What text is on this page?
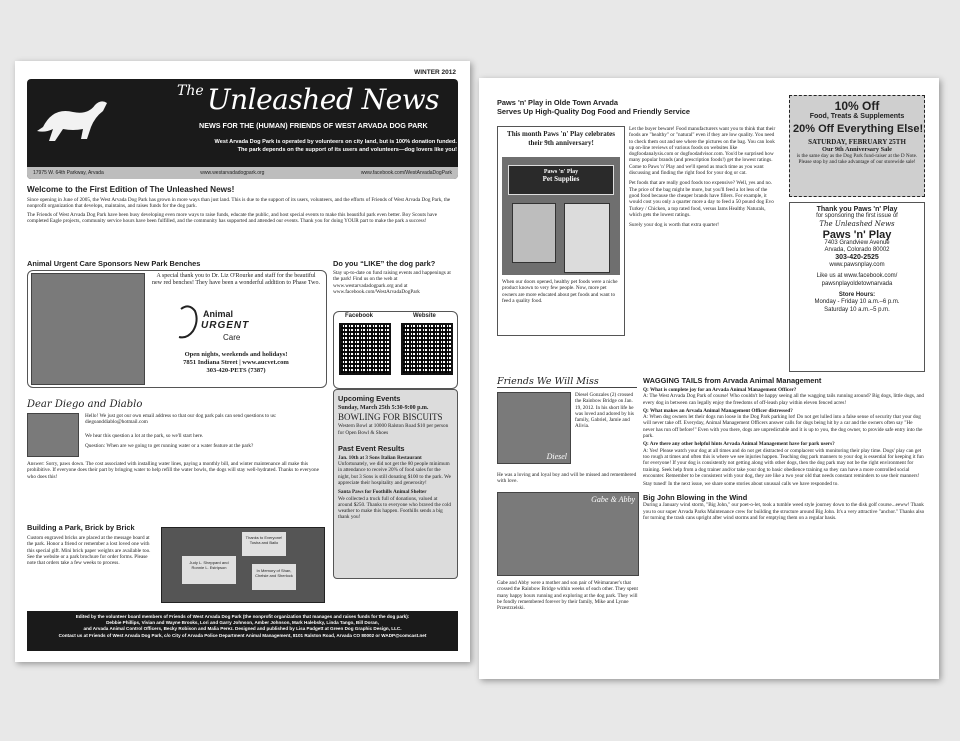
WINTER 2012
The Unleashed News
NEWS FOR THE (HUMAN) FRIENDS OF WEST ARVADA DOG PARK
West Arvada Dog Park is operated by volunteers on city land, but is 100% donation funded.
The park depends on the support of its users and volunteers—dog lovers like you!
17975 W. 64th Parkway, Arvada	www.westarvadadogpark.org	www.facebook.com/WestArvadaDogPark
Welcome to the First Edition of The Unleashed News!
Since opening in June of 2005, the West Arvada Dog Park has grown in more ways than just land. This is due to the support of its users, volunteers, and the efforts of Friends of West Arvada Dog Park, the nonprofit organization that develops, maintains, and raises funds for the dog park.
The Friends of West Arvada Dog Park have been busy developing even more ways to raise funds, educate the public, and host special events to make this beautiful park even better. Boy Scouts have completed Eagle projects, community service hours have been fulfilled, and the community has supported and attended our events. Thank you for doing YOUR part to make the park a success!
Animal Urgent Care Sponsors New Park Benches
A special thank you to Dr. Liz O'Rourke and staff for the beautiful new red benches! They have been a wonderful addition to Phase Two.
Animal
URGENT
Care
Open nights, weekends and holidays!
7851 Indiana Street | www.aucvet.com
303-420-PETS (7387)
Do you “LIKE” the dog park?
Stay up-to-date on fund raising events and happenings at the park! Find us on the web at www.westarvadadogpark.org and at www.facebook.com/WestArvadaDogPark
Facebook	Website
Dear Diego and Diablo
Hello! We just got our own email address so that our dog park pals can send questions to us: diegoanddiablo@hotmail.com
We hear this question a lot at the park, so we'll start here.
Question: When are we going to get running water or a water feature at the park?
Answer: Sorry, paws down. The cost associated with installing water lines, paying a monthly bill, and winter maintenance all make this prohibitive. If everyone does their part by bringing water to help refill the water bowls, the dogs will stay well-hydrated. Thanks to everyone who does this!
Upcoming Events
Sunday, March 25th 5:30-9:00 p.m.
BOWLING FOR BISCUITS
Western Bowl at 10000 Ralston Road $10 per person for Open Bowl & Shoes
Past Event Results
Jan. 10th at 3 Sons Italian Restaurant
Unfortunately, we did not get the 80 people minimum in attendance to receive 20% of food sales for the night, but 3 Sons is still donating $100 to the park. We appreciate their hospitality and generosity!
Santa Paws for Foothills Animal Shelter
We collected a truck full of donations, valued at around $250. Thanks to everyone who braved the cold weather to make this happen. Foothills sends a big thank you!
Building a Park, Brick by Brick
Custom engraved bricks are placed at the message board at the park. Honor a friend or remember a lost loved one with this special gift. Mini brick paper weights are available too. See the website or a park brochure for order forms. Please note that orders take a few weeks to process.
Thanks to Everyone! Tosha and Bailo
Judy L. Sheppard and Ronnie L. Estripson
In Memory of Shan, Chelsie and Sherlock
Edited by the volunteer board members of Friends of West Arvada Dog Park (the nonprofit organization that manages and raises funds for the dog park):
Debbie Phillips, Vivian and Wayne Brooks, Lori and Garry Johnson, Amber Johnson, Mark Halebsky, Linda Tango, Bill Doran,
and Arvada Animal Control Officers, Becky Robison and Malia Perez. Designed and published by Lisa Padgett at Green Dog Graphic Design, LLC.
Contact us at Friends of West Arvada Dog Park, c/o City of Arvada Police Department Animal Management, 8101 Ralston Road, Arvada CO 80002 or WADP@comcast.net
Paws 'n' Play in Olde Town Arvada
Serves Up High-Quality Dog Food and Friendly Service
This month Paws 'n' Play celebrates their 9th anniversary!
Paws 'n' Play
Pet Supplies
When our doors opened, healthy pet foods were a niche product known to very few people. Now, more pet owners are more educated about pet foods and want to feed a quality food.
Let the buyer beware! Food manufacturers want you to think that their foods are "healthy" or "natural" even if they are low quality. You need to check them out and see where the pictures on the bag. You can look up on-line reviews of various foods on websites like dogfoodanalysis.com or dogfoodadvisor.com. You'd be surprised how many popular brands (and prescription foods!) get the lowest ratings. Come to Paws 'n' Play and we'll spend as much time as you want discussing and finding the right food for your dog or cat.
Pet foods that are really good foods too expensive? Well, yes and no. The price of the bag might be more, but you'll feed a lot less of the good food because the cheaper brands have fillers. For example, it would cost you only a quarter more a day to feed a 50 pound dog Evo Turkey / Chicken, a top rated food, versus Iams Healthy Naturals, which gets the lowest ratings.
Surely your dog is worth that extra quarter!
10% Off
Food, Treats & Supplements
20% Off Everything Else!
SATURDAY, FEBRUARY 25TH
Our 9th Anniversary Sale
is the same day as the Dog Park fund-raiser at the D Note. Please stop by and take advantage of our storewide sale!
Thank you Paws 'n' Play
for sponsoring the first issue of
The Unleashed News
Paws 'n' Play
7403 Grandview Avenue
Arvada, Colorado 80002
303-420-2525
www.pawsnplay.com
Like us at www.facebook.com/
pawsnplayoldetownarvada
Store Hours:
Monday - Friday 10 a.m.–6 p.m.
Saturday 10 a.m.–5 p.m.
Friends We Will Miss
Diesel
Diesel Gonzales (2) crossed the Rainbow Bridge on Jan. 19, 2012. In his short life he was loved and adored by his family, Gabriel, Jamie and Alivia.
He was a loving and loyal boy and will be missed and remembered with love.
Gabe & Abby
Gabe and Abby were a mother and son pair of Weimaraner's that crossed the Rainbow Bridge within weeks of each other. They spent many happy hours running and exploring at the dog park. They will be fondly remembered forever by their family, Mike and Lynne Przestrzelski.
WAGGING TAILS from Arvada Animal Management
Q: What is complete joy for an Arvada Animal Management Officer?
A: The West Arvada Dog Park of course! Who couldn't be happy seeing all the wagging tails running around? Big dogs, little dogs, and every dog in between can legally enjoy the freedoms of off-leash play within eleven fenced acres!
Q: What makes an Arvada Animal Management Officer distressed?
A: When dog owners let their dogs run loose in the Dog Park parking lot! Do not get lulled into a false sense of security that your dog will never take off. Everyday, Animal Management Officers answer calls for dogs being hit by a car and the owners often say "He never has run off before!" Even with you there, dogs are unpredictable and it is up to you, the dog owner, to provide safe entry into the park.
Q: Are there any other helpful hints Arvada Animal Management have for park users?
A: Yes! Please watch your dog at all times and do not get distracted or complacent with monitoring their play time. Dogs' play can get too rough at times and often this is where we see injuries happen. Teaching dog park manners to your dog is essential for keeping it fun for everyone! If your dog is consistently not getting along with other dogs, then the dog park may not be the right environment for training. Seek help from a dog trainer and/or take your dog to basic obedience training so they can have a more controlled social encounter. Remember to be consistent with your dog, they are like a two year old that needs constant reminders to use their manners!
Stay tuned! In the next issue, we share some stories about unusual calls we have responded to.
Big John Blowing in the Wind
During a January wind storm, "Big John," our poet-o-let, took a tumble weed style journey down to the disk golf course...eeww! Thank you to our super Arvada Parks Maintenance crew for building the structure around Big John. It's a very attractive "anchor." Thanks also for turning the trash cans upright after wind storms and for emptying them on a regular basis.
